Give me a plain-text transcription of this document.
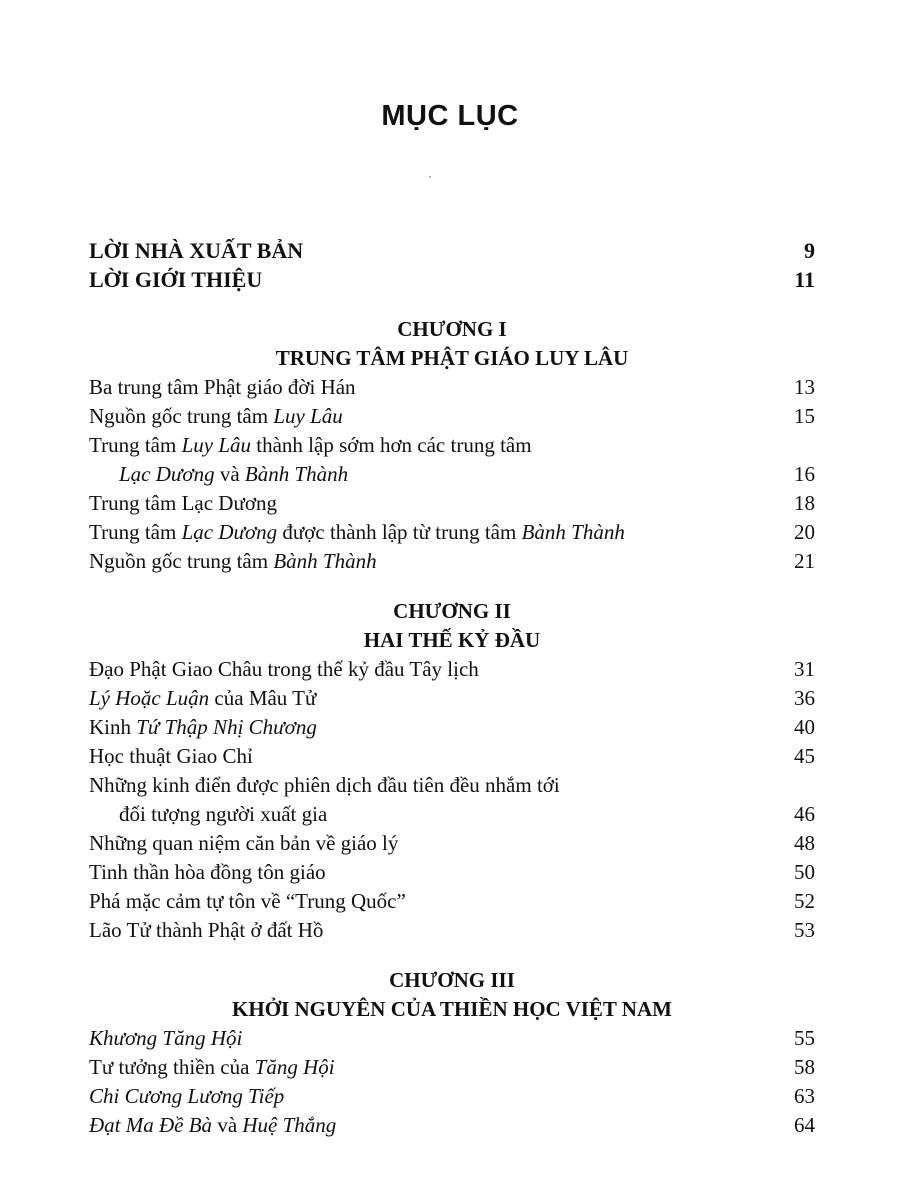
MỤC LỤC
LỜI NHÀ XUẤT BẢN	9
LỜI GIỚI THIỆU	11
CHƯƠNG I
TRUNG TÂM PHẬT GIÁO LUY LÂU
Ba trung tâm Phật giáo đời Hán	13
Nguồn gốc trung tâm Luy Lâu	15
Trung tâm Luy Lâu thành lập sớm hơn các trung tâm
Lạc Dương và Bành Thành	16
Trung tâm Lạc Dương	18
Trung tâm Lạc Dương được thành lập từ trung tâm Bành Thành	20
Nguồn gốc trung tâm Bành Thành	21
CHƯƠNG II
HAI THẾ KỶ ĐẦU
Đạo Phật Giao Châu trong thế kỷ đầu Tây lịch	31
Lý Hoặc Luận của Mâu Tử	36
Kinh Tứ Thập Nhị Chương	40
Học thuật Giao Chỉ	45
Những kinh điển được phiên dịch đầu tiên đều nhắm tới
đối tượng người xuất gia	46
Những quan niệm căn bản về giáo lý	48
Tinh thần hòa đồng tôn giáo	50
Phá mặc cảm tự tôn về “Trung Quốc”	52
Lão Tử thành Phật ở đất Hồ	53
CHƯƠNG III
KHỞI NGUYÊN CỦA THIỀN HỌC VIỆT NAM
Khương Tăng Hội	55
Tư tưởng thiền của Tăng Hội	58
Chi Cương Lương Tiếp	63
Đạt Ma Đề Bà và Huệ Thắng	64
